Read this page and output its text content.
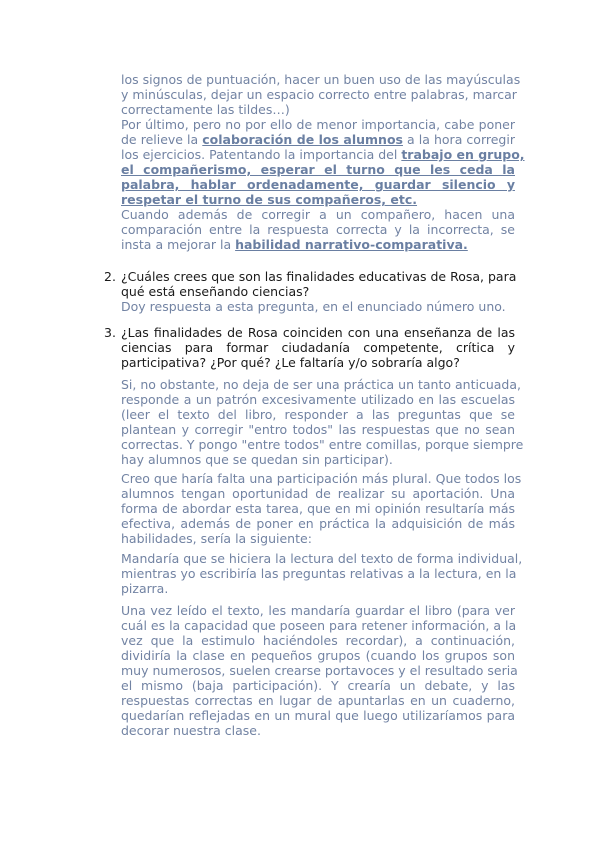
los signos de puntuación, hacer un buen uso de las mayúsculas
y minúsculas, dejar un espacio correcto entre palabras, marcar
correctamente las tildes…)
Por último, pero no por ello de menor importancia, cabe poner
de relieve la colaboración de los alumnos a la hora corregir
los ejercicios. Patentando la importancia del trabajo en grupo,
el compañerismo, esperar el turno que les ceda la
palabra, hablar ordenadamente, guardar silencio y
respetar el turno de sus compañeros, etc.
Cuando además de corregir a un compañero, hacen una
comparación entre la respuesta correcta y la incorrecta, se
insta a mejorar la habilidad narrativo-comparativa.
2. ¿Cuáles crees que son las finalidades educativas de Rosa, para
qué está enseñando ciencias?
Doy respuesta a esta pregunta, en el enunciado número uno.
3. ¿Las finalidades de Rosa coinciden con una enseñanza de las
ciencias para formar ciudadanía competente, crítica y
participativa? ¿Por qué? ¿Le faltaría y/o sobraría algo?
Si, no obstante, no deja de ser una práctica un tanto anticuada,
responde a un patrón excesivamente utilizado en las escuelas
(leer el texto del libro, responder a las preguntas que se
plantean y corregir "entro todos" las respuestas que no sean
correctas. Y pongo "entre todos" entre comillas, porque siempre
hay alumnos que se quedan sin participar).
Creo que haría falta una participación más plural. Que todos los
alumnos tengan oportunidad de realizar su aportación. Una
forma de abordar esta tarea, que en mi opinión resultaría más
efectiva, además de poner en práctica la adquisición de más
habilidades, sería la siguiente:
Mandaría que se hiciera la lectura del texto de forma individual,
mientras yo escribiría las preguntas relativas a la lectura, en la
pizarra.
Una vez leído el texto, les mandaría guardar el libro (para ver
cuál es la capacidad que poseen para retener información, a la
vez que la estimulo haciéndoles recordar), a continuación,
dividiría la clase en pequeños grupos (cuando los grupos son
muy numerosos, suelen crearse portavoces y el resultado seria
el mismo (baja participación). Y crearía un debate, y las
respuestas correctas en lugar de apuntarlas en un cuaderno,
quedarían reflejadas en un mural que luego utilizaríamos para
decorar nuestra clase.
